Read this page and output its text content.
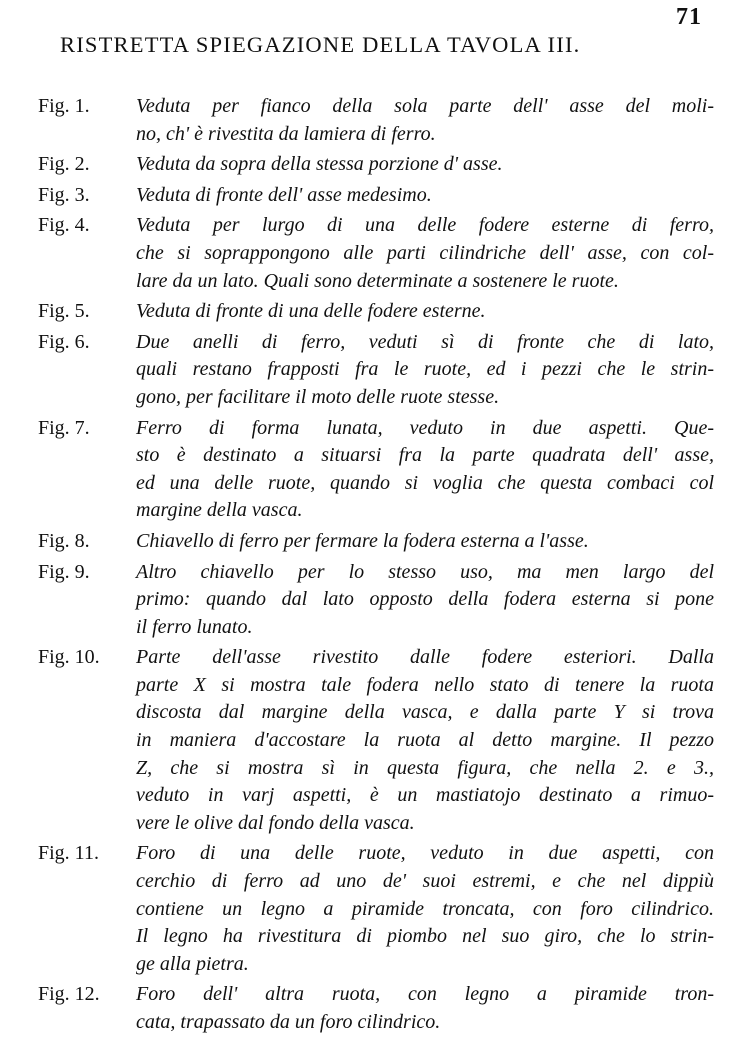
71
RISTRETTA SPIEGAZIONE DELLA TAVOLA III.
Fig. 1.	Veduta per fianco della sola parte dell' asse del moli-
no, ch' è rivestita da lamiera di ferro.
Fig. 2.	Veduta da sopra della stessa porzione d' asse.
Fig. 3.	Veduta di fronte dell' asse medesimo.
Fig. 4.	Veduta per lurgo di una delle fodere esterne di ferro,
che si soprappongono alle parti cilindriche dell' asse, con col-
lare da un lato. Quali sono determinate a sostenere le ruote.
Fig. 5.	Veduta di fronte di una delle fodere esterne.
Fig. 6.	Due anelli di ferro, veduti sì di fronte che di lato,
quali restano frapposti fra le ruote, ed i pezzi che le strin-
gono, per facilitare il moto delle ruote stesse.
Fig. 7.	Ferro di forma lunata, veduto in due aspetti. Que-
sto è destinato a situarsi fra la parte quadrata dell' asse,
ed una delle ruote, quando si voglia che questa combaci col
margine della vasca.
Fig. 8.	Chiavello di ferro per fermare la fodera esterna a l'asse.
Fig. 9.	Altro chiavello per lo stesso uso, ma men largo del
primo: quando dal lato opposto della fodera esterna si pone
il ferro lunato.
Fig. 10.	Parte dell'asse rivestito dalle fodere esteriori. Dalla
parte X si mostra tale fodera nello stato di tenere la ruota
discosta dal margine della vasca, e dalla parte Y si trova
in maniera d'accostare la ruota al detto margine. Il pezzo
Z, che si mostra sì in questa figura, che nella 2. e 3.,
veduto in varj aspetti, è un mastiatojo destinato a rimuo-
vere le olive dal fondo della vasca.
Fig. 11.	Foro di una delle ruote, veduto in due aspetti, con
cerchio di ferro ad uno de' suoi estremi, e che nel dippiù
contiene un legno a piramide troncata, con foro cilindrico.
Il legno ha rivestitura di piombo nel suo giro, che lo strin-
ge alla pietra.
Fig. 12.	Foro dell' altra ruota, con legno a piramide tron-
cata, trapassato da un foro cilindrico.
